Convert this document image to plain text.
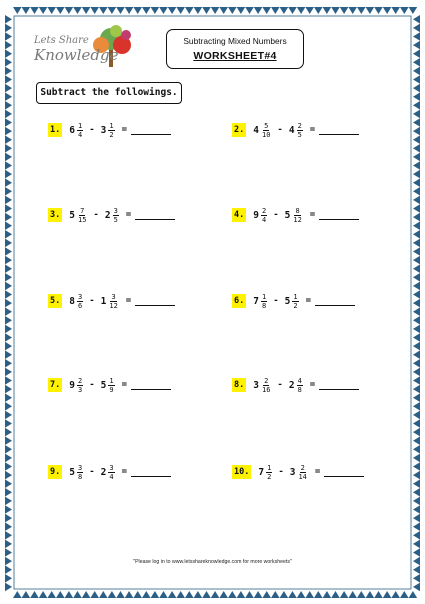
Lets Share
Knowledge
Subtracting Mixed Numbers
WORKSHEET#4
Subtract the followings.
1. $6 \frac{1}{4} - 3 \frac{1}{2}$ =	2. $4 \frac{5}{10} - 4 \frac{2}{5}$ =
3. $5 \frac{7}{15} - 2 \frac{3}{5}$ =	4. $9 \frac{2}{4} - 5 \frac{8}{12}$ =
5. $8 \frac{3}{6} - 1 \frac{3}{12}$ =	6. $7 \frac{1}{8} - 5 \frac{1}{2}$ =
7. $9 \frac{2}{3} - 5 \frac{1}{9}$ =	8. $3 \frac{2}{16} - 2 \frac{4}{8}$ =
9. $5 \frac{3}{8} - 2 \frac{3}{4}$ =	10. $7 \frac{1}{2} - 3 \frac{2}{14}$ =
"Please log in to www.letsshareknowledge.com for more worksheets"
